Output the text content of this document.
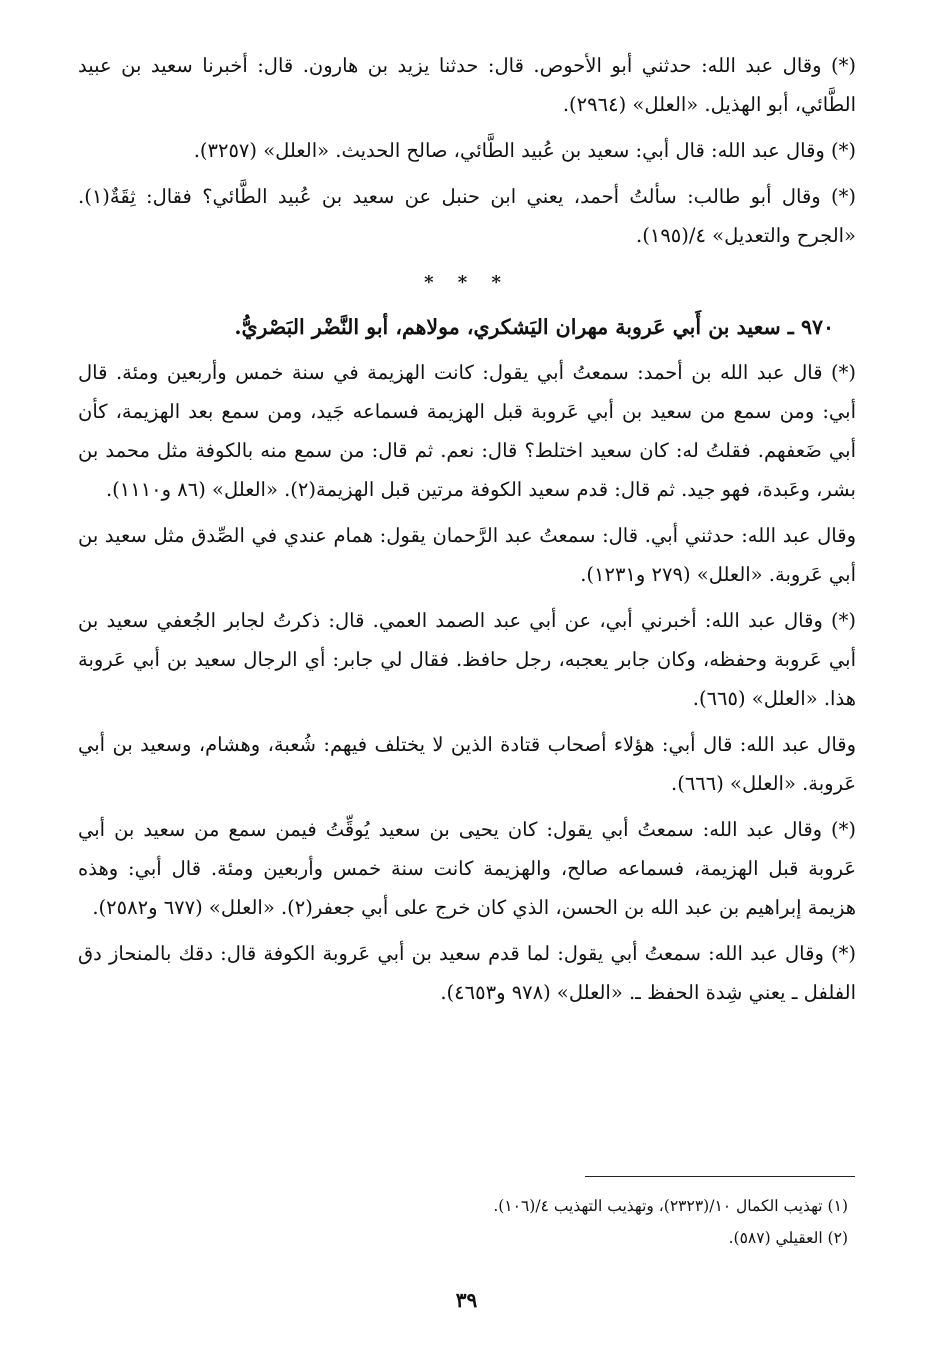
(*) وقال عبد الله: حدثني أبو الأحوص. قال: حدثنا يزيد بن هارون. قال: أخبرنا سعيد بن عبيد الطَّائي، أبو الهذيل. «العلل» (٢٩٦٤).

(*) وقال عبد الله: قال أبي: سعيد بن عُبيد الطَّائي، صالح الحديث. «العلل» (٣٢٥٧).

(*) وقال أبو طالب: سألتُ أحمد، يعني ابن حنبل عن سعيد بن عُبيد الطَّائي؟ فقال: ثِقَةٌ(١). «الجرح والتعديل» ٤/(١٩٥).

* * *
٩٧٠ ـ سعيد بن أَبي عَروبة مهران اليَشكري، مولاهم، أبو النَّضْر البَصْريُّ.

(*) قال عبد الله بن أحمد: سمعتُ أبي يقول: كانت الهزيمة في سنة خمس وأربعين ومئة. قال أبي: ومن سمع من سعيد بن أبي عَروبة قبل الهزيمة فسماعه جَيد، ومن سمع بعد الهزيمة، كأن أبي ضَعفهم. فقلتُ له: كان سعيد اختلط؟ قال: نعم. ثم قال: من سمع منه بالكوفة مثل محمد بن بشر، وعَبدة، فهو جيد. ثم قال: قدم سعيد الكوفة مرتين قبل الهزيمة(٢). «العلل» (٨٦ و١١١٠).

وقال عبد الله: حدثني أبي. قال: سمعتُ عبد الرَّحمان يقول: همام عندي في الصِّدق مثل سعيد بن أبي عَروبة. «العلل» (٢٧٩ و١٢٣١).

(*) وقال عبد الله: أخبرني أبي، عن أبي عبد الصمد العمي. قال: ذكرتُ لجابر الجُعفي سعيد بن أبي عَروبة وحفظه، وكان جابر يعجبه، رجل حافظ. فقال لي جابر: أي الرجال سعيد بن أبي عَروبة هذا. «العلل» (٦٦٥).

وقال عبد الله: قال أبي: هؤلاء أصحاب قتادة الذين لا يختلف فيهم: شُعبة، وهشام، وسعيد بن أبي عَروبة. «العلل» (٦٦٦).

(*) وقال عبد الله: سمعتُ أبي يقول: كان يحيى بن سعيد يُوقِّتُ فيمن سمع من سعيد بن أبي عَروبة قبل الهزيمة، فسماعه صالح، والهزيمة كانت سنة خمس وأربعين ومئة. قال أبي: وهذه هزيمة إبراهيم بن عبد الله بن الحسن، الذي كان خرج على أبي جعفر(٢). «العلل» (٦٧٧ و٢٥٨٢).

(*) وقال عبد الله: سمعتُ أبي يقول: لما قدم سعيد بن أبي عَروبة الكوفة قال: دقك بالمنحاز دق الفلفل ـ يعني شِدة الحفظ ـ. «العلل» (٩٧٨ و٤٦٥٣).

(١) تهذيب الكمال ١٠/(٢٣٢٣)، وتهذيب التهذيب ٤/(١٠٦).

(٢) العقيلي (٥٨٧).

٣٩
